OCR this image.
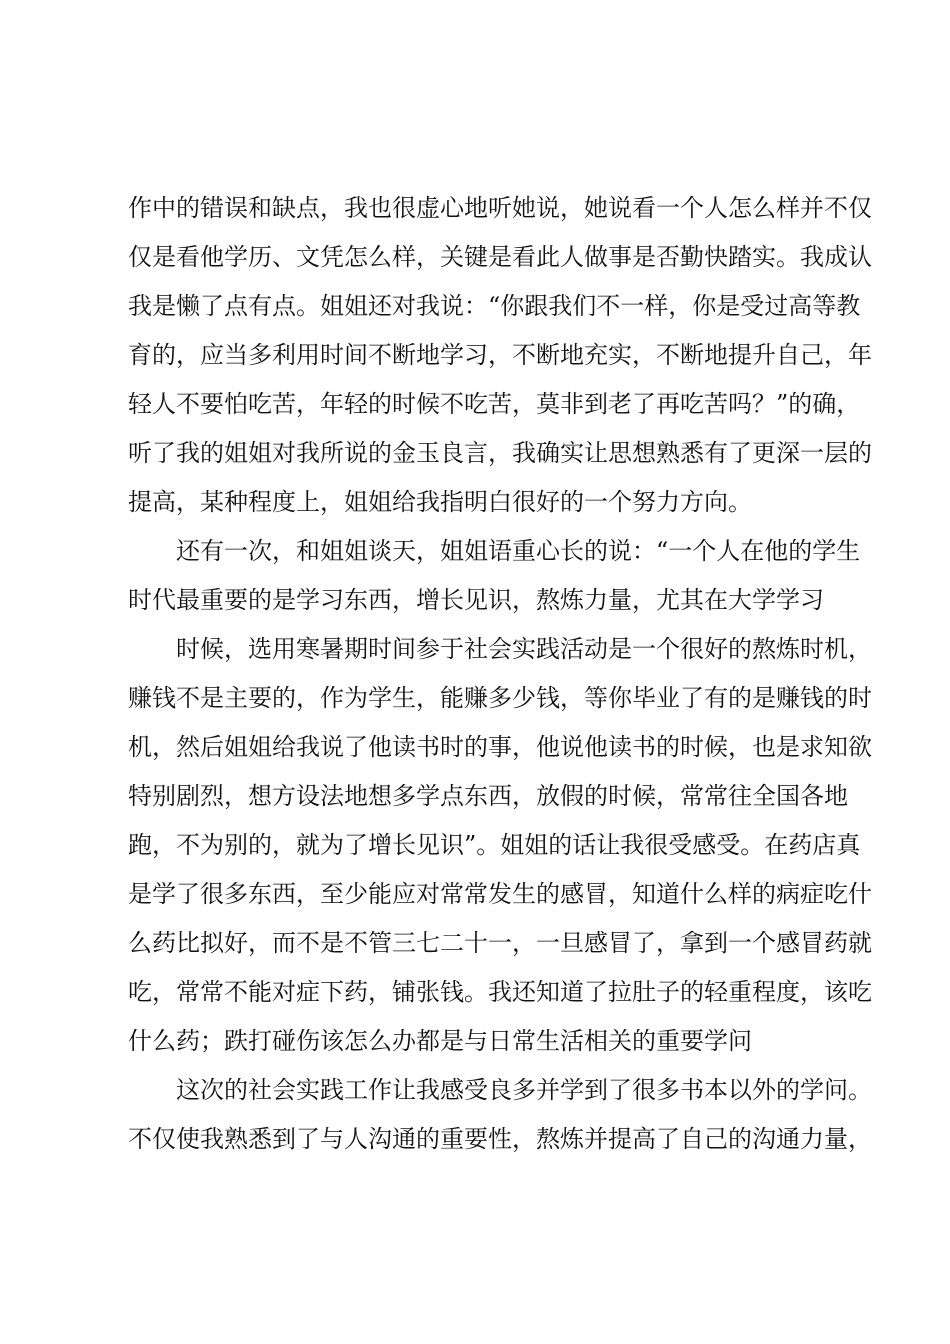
作中的错误和缺点，我也很虚心地听她说，她说看一个人怎么样并不仅
仅是看他学历、文凭怎么样，关键是看此人做事是否勤快踏实。我成认
我是懒了点有点。姐姐还对我说：“你跟我们不一样，你是受过高等教
育的，应当多利用时间不断地学习，不断地充实，不断地提升自己，年
轻人不要怕吃苦，年轻的时候不吃苦，莫非到老了再吃苦吗？”的确，
听了我的姐姐对我所说的金玉良言，我确实让思想熟悉有了更深一层的
提高，某种程度上，姐姐给我指明白很好的一个努力方向。
还有一次，和姐姐谈天，姐姐语重心长的说：“一个人在他的学生
时代最重要的是学习东西，增长见识，熬炼力量，尤其在大学学习
时候，选用寒暑期时间参于社会实践活动是一个很好的熬炼时机，
赚钱不是主要的，作为学生，能赚多少钱，等你毕业了有的是赚钱的时
机，然后姐姐给我说了他读书时的事，他说他读书的时候，也是求知欲
特别剧烈，想方设法地想多学点东西，放假的时候，常常往全国各地
跑，不为别的，就为了增长见识”。姐姐的话让我很受感受。在药店真
是学了很多东西，至少能应对常常发生的感冒，知道什么样的病症吃什
么药比拟好，而不是不管三七二十一，一旦感冒了，拿到一个感冒药就
吃，常常不能对症下药，铺张钱。我还知道了拉肚子的轻重程度，该吃
什么药；跌打碰伤该怎么办都是与日常生活相关的重要学问
这次的社会实践工作让我感受良多并学到了很多书本以外的学问。
不仅使我熟悉到了与人沟通的重要性，熬炼并提高了自己的沟通力量，
